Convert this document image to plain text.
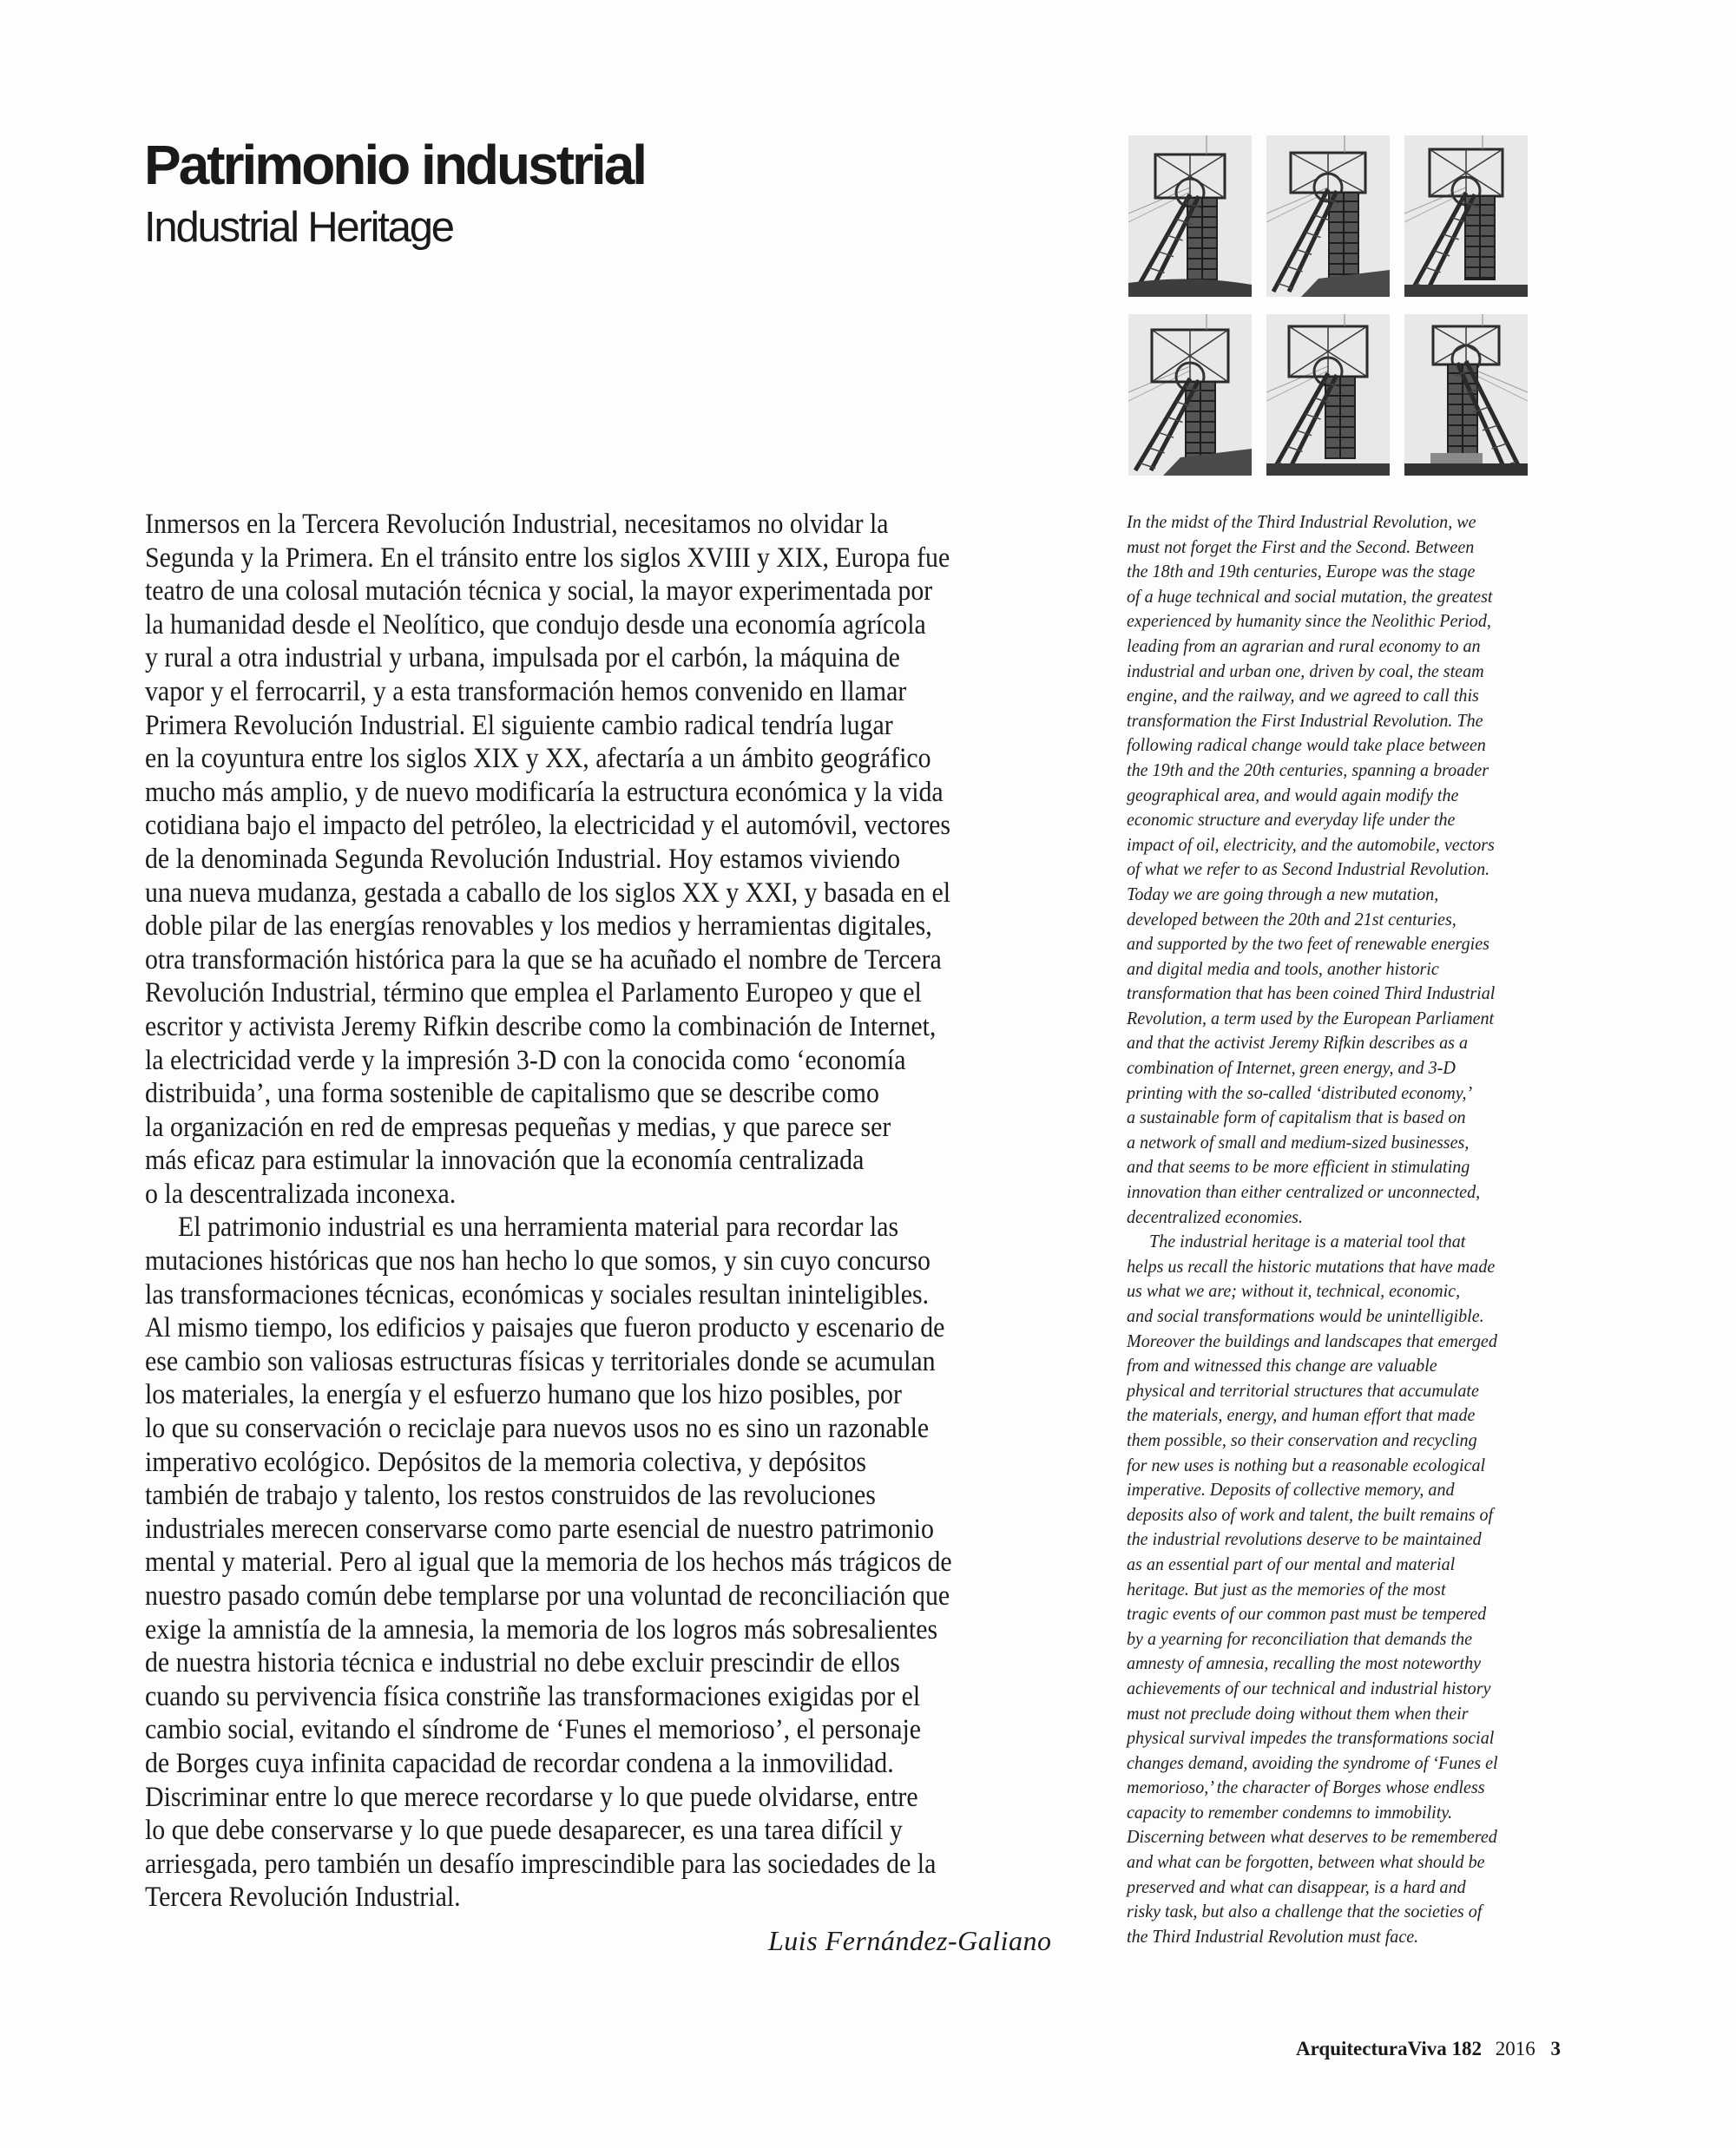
Patrimonio industrial
Industrial Heritage
Inmersos en la Tercera Revolución Industrial, necesitamos no olvidar la
Segunda y la Primera. En el tránsito entre los siglos XVIII y XIX, Europa fue
teatro de una colosal mutación técnica y social, la mayor experimentada por
la humanidad desde el Neolítico, que condujo desde una economía agrícola
y rural a otra industrial y urbana, impulsada por el carbón, la máquina de
vapor y el ferrocarril, y a esta transformación hemos convenido en llamar
Primera Revolución Industrial. El siguiente cambio radical tendría lugar
en la coyuntura entre los siglos XIX y XX, afectaría a un ámbito geográfico
mucho más amplio, y de nuevo modificaría la estructura económica y la vida
cotidiana bajo el impacto del petróleo, la electricidad y el automóvil, vectores
de la denominada Segunda Revolución Industrial. Hoy estamos viviendo
una nueva mudanza, gestada a caballo de los siglos XX y XXI, y basada en el
doble pilar de las energías renovables y los medios y herramientas digitales,
otra transformación histórica para la que se ha acuñado el nombre de Tercera
Revolución Industrial, término que emplea el Parlamento Europeo y que el
escritor y activista Jeremy Rifkin describe como la combinación de Internet,
la electricidad verde y la impresión 3-D con la conocida como ‘economía
distribuida’, una forma sostenible de capitalismo que se describe como
la organización en red de empresas pequeñas y medias, y que parece ser
más eficaz para estimular la innovación que la economía centralizada
o la descentralizada inconexa.
El patrimonio industrial es una herramienta material para recordar las
mutaciones históricas que nos han hecho lo que somos, y sin cuyo concurso
las transformaciones técnicas, económicas y sociales resultan ininteligibles.
Al mismo tiempo, los edificios y paisajes que fueron producto y escenario de
ese cambio son valiosas estructuras físicas y territoriales donde se acumulan
los materiales, la energía y el esfuerzo humano que los hizo posibles, por
lo que su conservación o reciclaje para nuevos usos no es sino un razonable
imperativo ecológico. Depósitos de la memoria colectiva, y depósitos
también de trabajo y talento, los restos construidos de las revoluciones
industriales merecen conservarse como parte esencial de nuestro patrimonio
mental y material. Pero al igual que la memoria de los hechos más trágicos de
nuestro pasado común debe templarse por una voluntad de reconciliación que
exige la amnistía de la amnesia, la memoria de los logros más sobresalientes
de nuestra historia técnica e industrial no debe excluir prescindir de ellos
cuando su pervivencia física constriñe las transformaciones exigidas por el
cambio social, evitando el síndrome de ‘Funes el memorioso’, el personaje
de Borges cuya infinita capacidad de recordar condena a la inmovilidad.
Discriminar entre lo que merece recordarse y lo que puede olvidarse, entre
lo que debe conservarse y lo que puede desaparecer, es una tarea difícil y
arriesgada, pero también un desafío imprescindible para las sociedades de la
Tercera Revolución Industrial.
Luis Fernández-Galiano
In the midst of the Third Industrial Revolution, we
must not forget the First and the Second. Between
the 18th and 19th centuries, Europe was the stage
of a huge technical and social mutation, the greatest
experienced by humanity since the Neolithic Period,
leading from an agrarian and rural economy to an
industrial and urban one, driven by coal, the steam
engine, and the railway, and we agreed to call this
transformation the First Industrial Revolution. The
following radical change would take place between
the 19th and the 20th centuries, spanning a broader
geographical area, and would again modify the
economic structure and everyday life under the
impact of oil, electricity, and the automobile, vectors
of what we refer to as Second Industrial Revolution.
Today we are going through a new mutation,
developed between the 20th and 21st centuries,
and supported by the two feet of renewable energies
and digital media and tools, another historic
transformation that has been coined Third Industrial
Revolution, a term used by the European Parliament
and that the activist Jeremy Rifkin describes as a
combination of Internet, green energy, and 3-D
printing with the so-called ‘distributed economy,’
a sustainable form of capitalism that is based on
a network of small and medium-sized businesses,
and that seems to be more efficient in stimulating
innovation than either centralized or unconnected,
decentralized economies.
The industrial heritage is a material tool that
helps us recall the historic mutations that have made
us what we are; without it, technical, economic,
and social transformations would be unintelligible.
Moreover the buildings and landscapes that emerged
from and witnessed this change are valuable
physical and territorial structures that accumulate
the materials, energy, and human effort that made
them possible, so their conservation and recycling
for new uses is nothing but a reasonable ecological
imperative. Deposits of collective memory, and
deposits also of work and talent, the built remains of
the industrial revolutions deserve to be maintained
as an essential part of our mental and material
heritage. But just as the memories of the most
tragic events of our common past must be tempered
by a yearning for reconciliation that demands the
amnesty of amnesia, recalling the most noteworthy
achievements of our technical and industrial history
must not preclude doing without them when their
physical survival impedes the transformations social
changes demand, avoiding the syndrome of ‘Funes el
memorioso,’ the character of Borges whose endless
capacity to remember condemns to immobility.
Discerning between what deserves to be remembered
and what can be forgotten, between what should be
preserved and what can disappear, is a hard and
risky task, but also a challenge that the societies of
the Third Industrial Revolution must face.
ArquitecturaViva 182 2016 3
